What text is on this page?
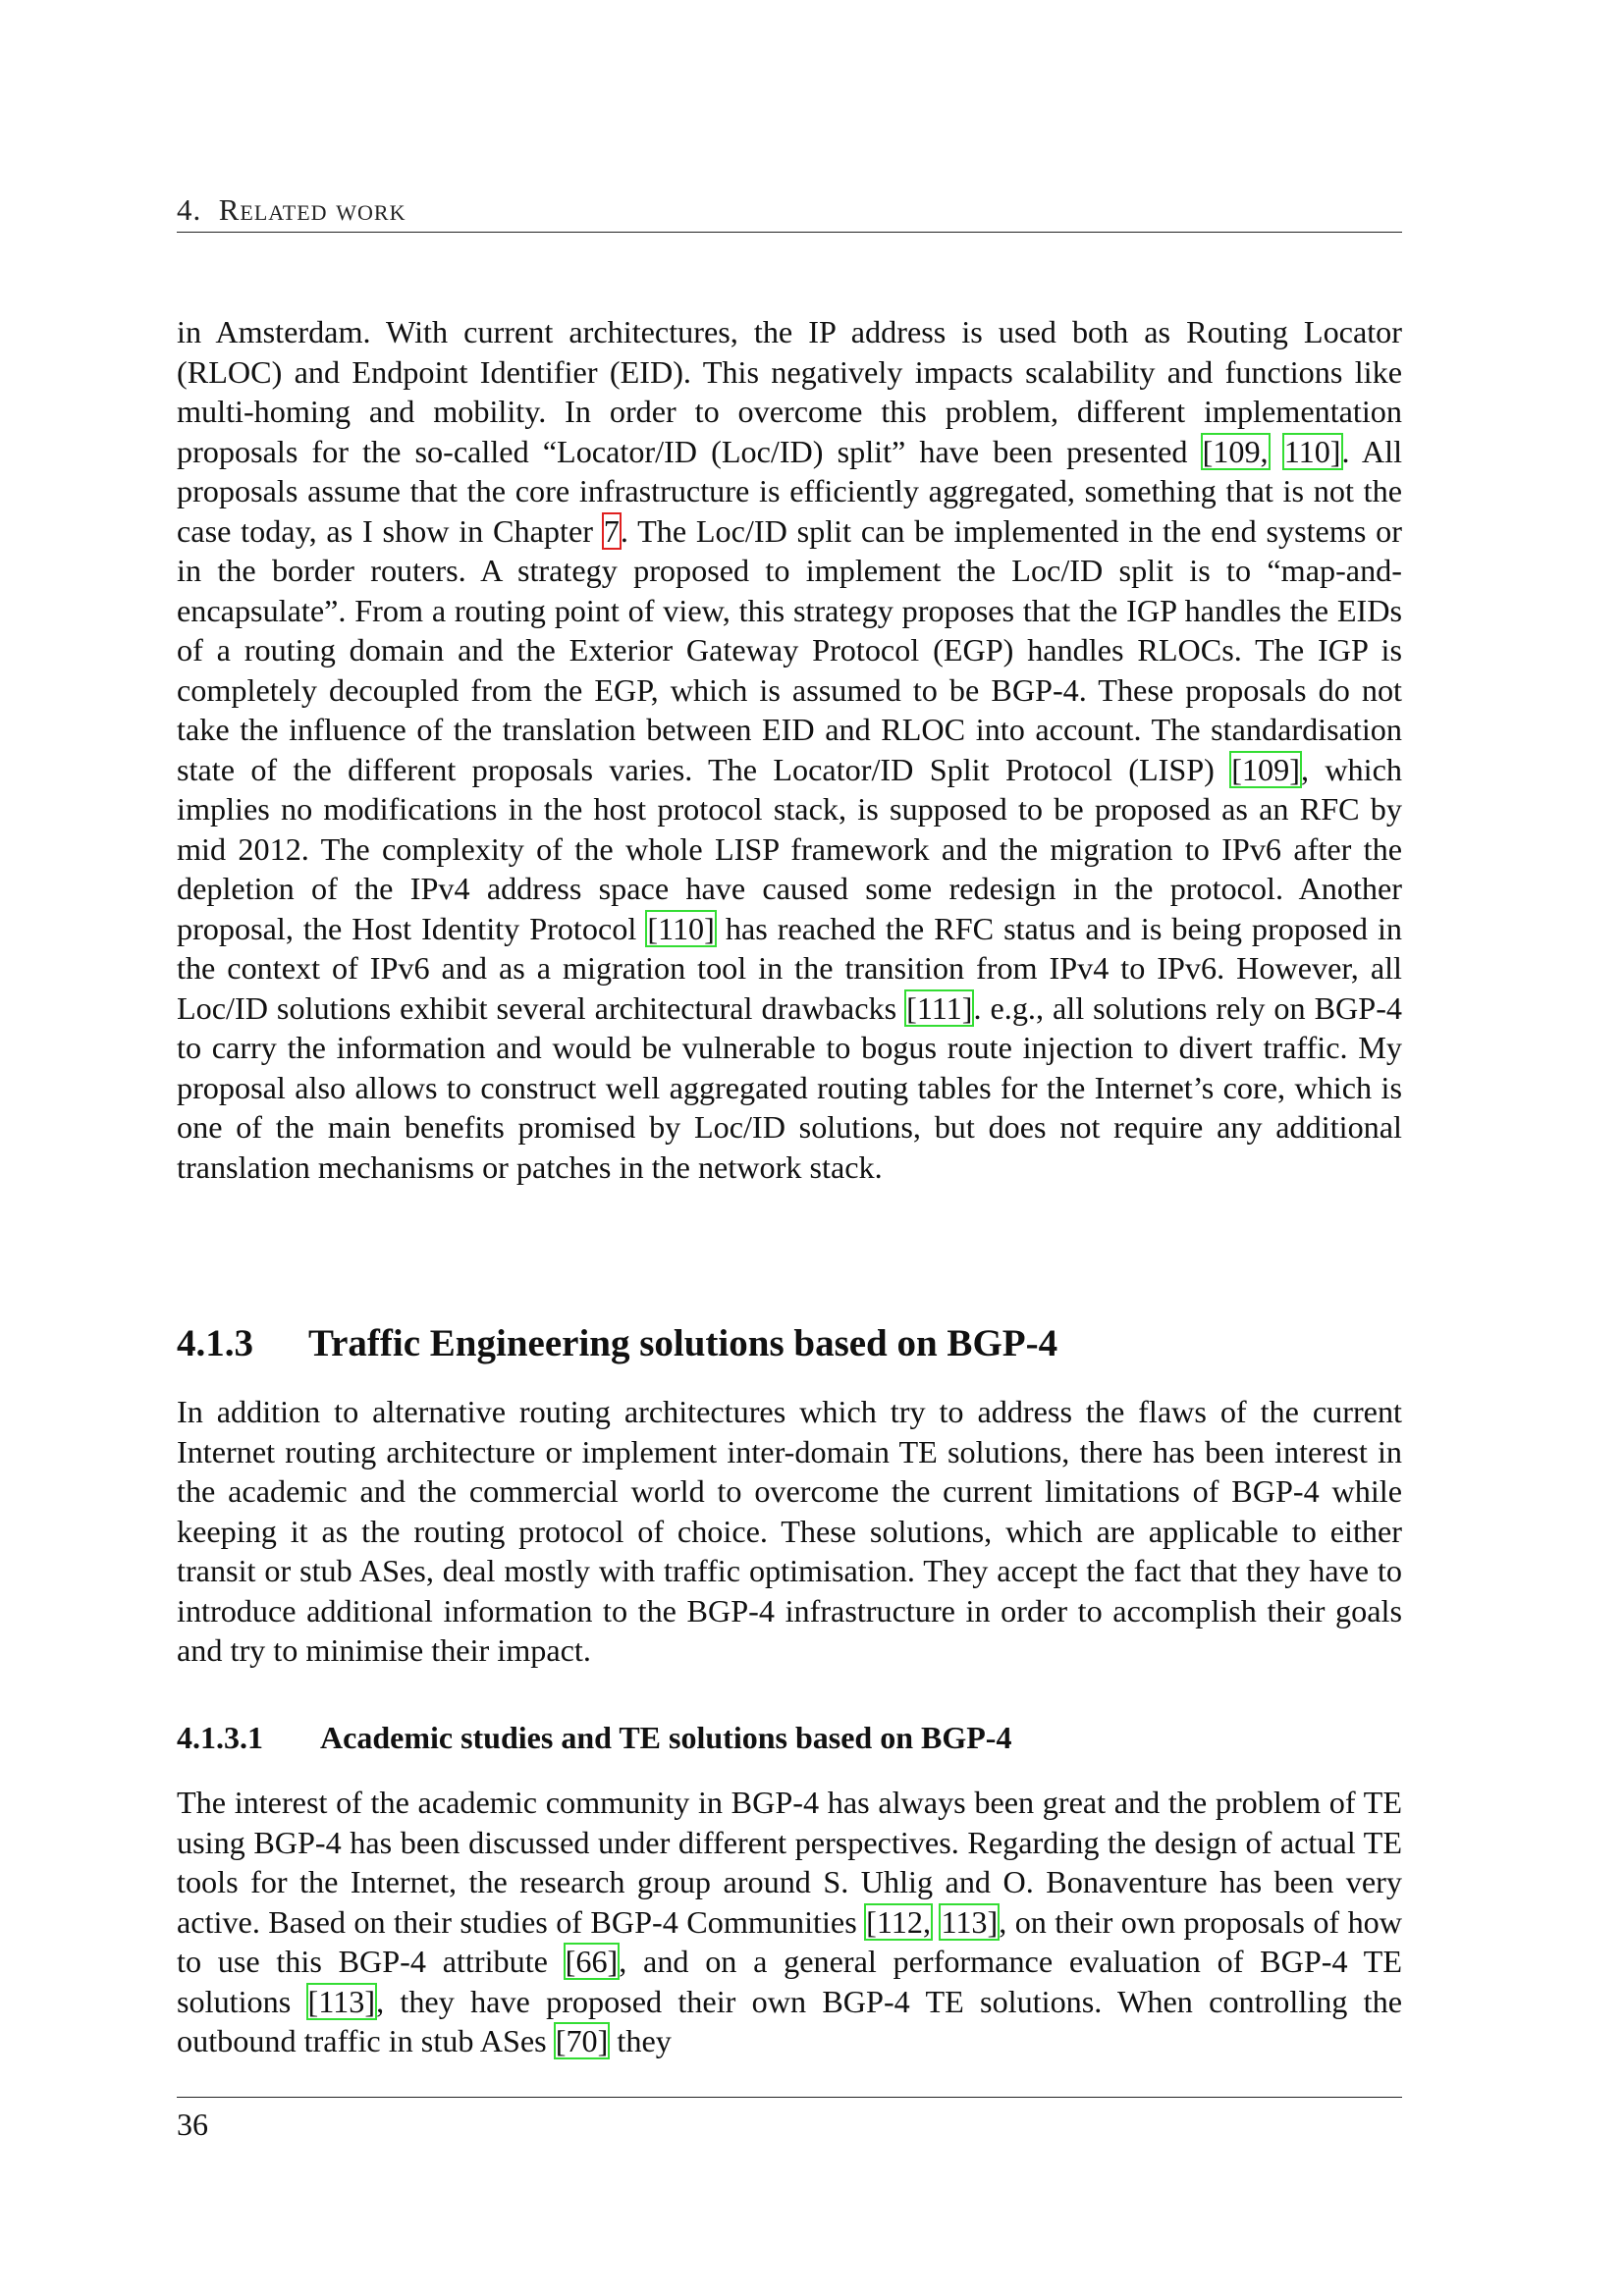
4. Related work
in Amsterdam. With current architectures, the IP address is used both as Routing Locator (RLOC) and Endpoint Identifier (EID). This negatively impacts scalability and functions like multi-homing and mobility. In order to overcome this problem, different implementation proposals for the so-called “Locator/ID (Loc/ID) split” have been presented [109, 110]. All proposals assume that the core infrastructure is efficiently aggregated, something that is not the case today, as I show in Chapter 7. The Loc/ID split can be implemented in the end systems or in the border routers. A strategy proposed to implement the Loc/ID split is to “map-and-encapsulate”. From a routing point of view, this strategy proposes that the IGP handles the EIDs of a routing domain and the Exterior Gateway Protocol (EGP) handles RLOCs. The IGP is completely decoupled from the EGP, which is assumed to be BGP-4. These proposals do not take the influence of the translation between EID and RLOC into account. The standardisation state of the different proposals varies. The Locator/ID Split Protocol (LISP) [109], which implies no modifications in the host protocol stack, is supposed to be proposed as an RFC by mid 2012. The complexity of the whole LISP framework and the migration to IPv6 after the depletion of the IPv4 address space have caused some redesign in the protocol. Another proposal, the Host Identity Protocol [110] has reached the RFC status and is being proposed in the context of IPv6 and as a migration tool in the transition from IPv4 to IPv6. However, all Loc/ID solutions exhibit several architectural drawbacks [111]. e.g., all solutions rely on BGP-4 to carry the information and would be vulnerable to bogus route injection to divert traffic. My proposal also allows to construct well aggregated routing tables for the Internet’s core, which is one of the main benefits promised by Loc/ID solutions, but does not require any additional translation mechanisms or patches in the network stack.
4.1.3 Traffic Engineering solutions based on BGP-4
In addition to alternative routing architectures which try to address the flaws of the current Internet routing architecture or implement inter-domain TE solutions, there has been interest in the academic and the commercial world to overcome the current limitations of BGP-4 while keeping it as the routing protocol of choice. These solutions, which are applicable to either transit or stub ASes, deal mostly with traffic optimisation. They accept the fact that they have to introduce additional information to the BGP-4 infrastructure in order to accomplish their goals and try to minimise their impact.
4.1.3.1 Academic studies and TE solutions based on BGP-4
The interest of the academic community in BGP-4 has always been great and the problem of TE using BGP-4 has been discussed under different perspectives. Regarding the design of actual TE tools for the Internet, the research group around S. Uhlig and O. Bonaventure has been very active. Based on their studies of BGP-4 Communities [112, 113], on their own proposals of how to use this BGP-4 attribute [66], and on a general performance evaluation of BGP-4 TE solutions [113], they have proposed their own BGP-4 TE solutions. When controlling the outbound traffic in stub ASes [70] they
36
